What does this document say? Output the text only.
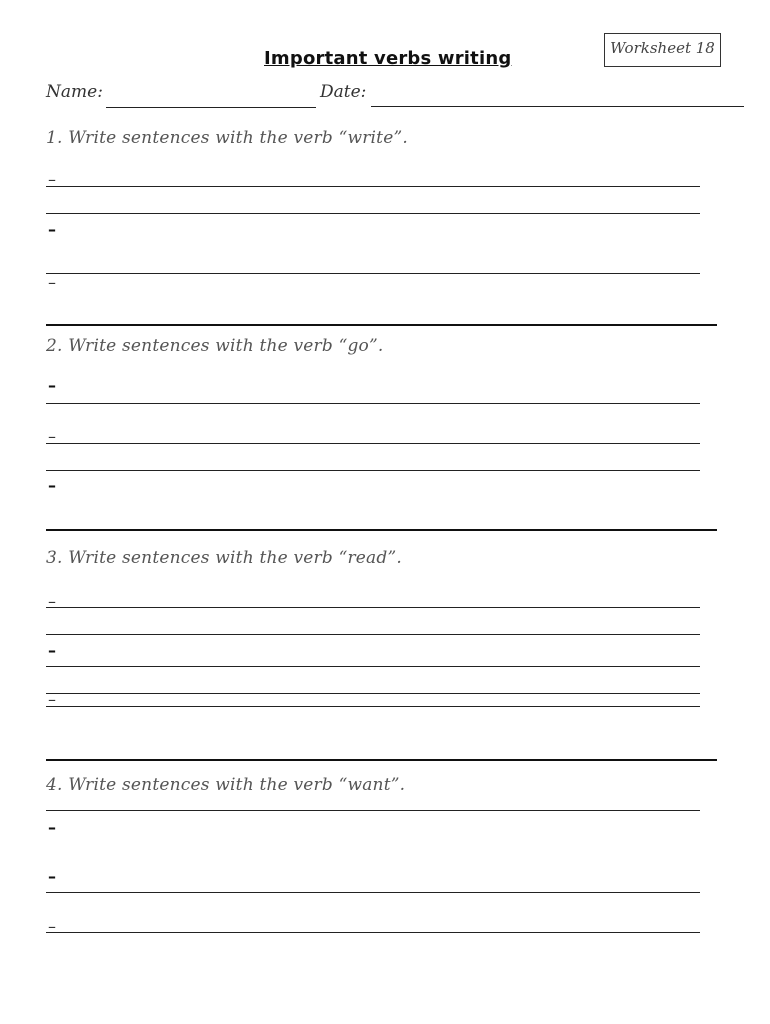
Worksheet 18
Important verbs writing
Name:	Date:
1. Write sentences with the verb “write”.
–
–
–
2. Write sentences with the verb “go”.
–
–
–
3. Write sentences with the verb “read”.
–
–
–
4. Write sentences with the verb “want”.
–
–
–
